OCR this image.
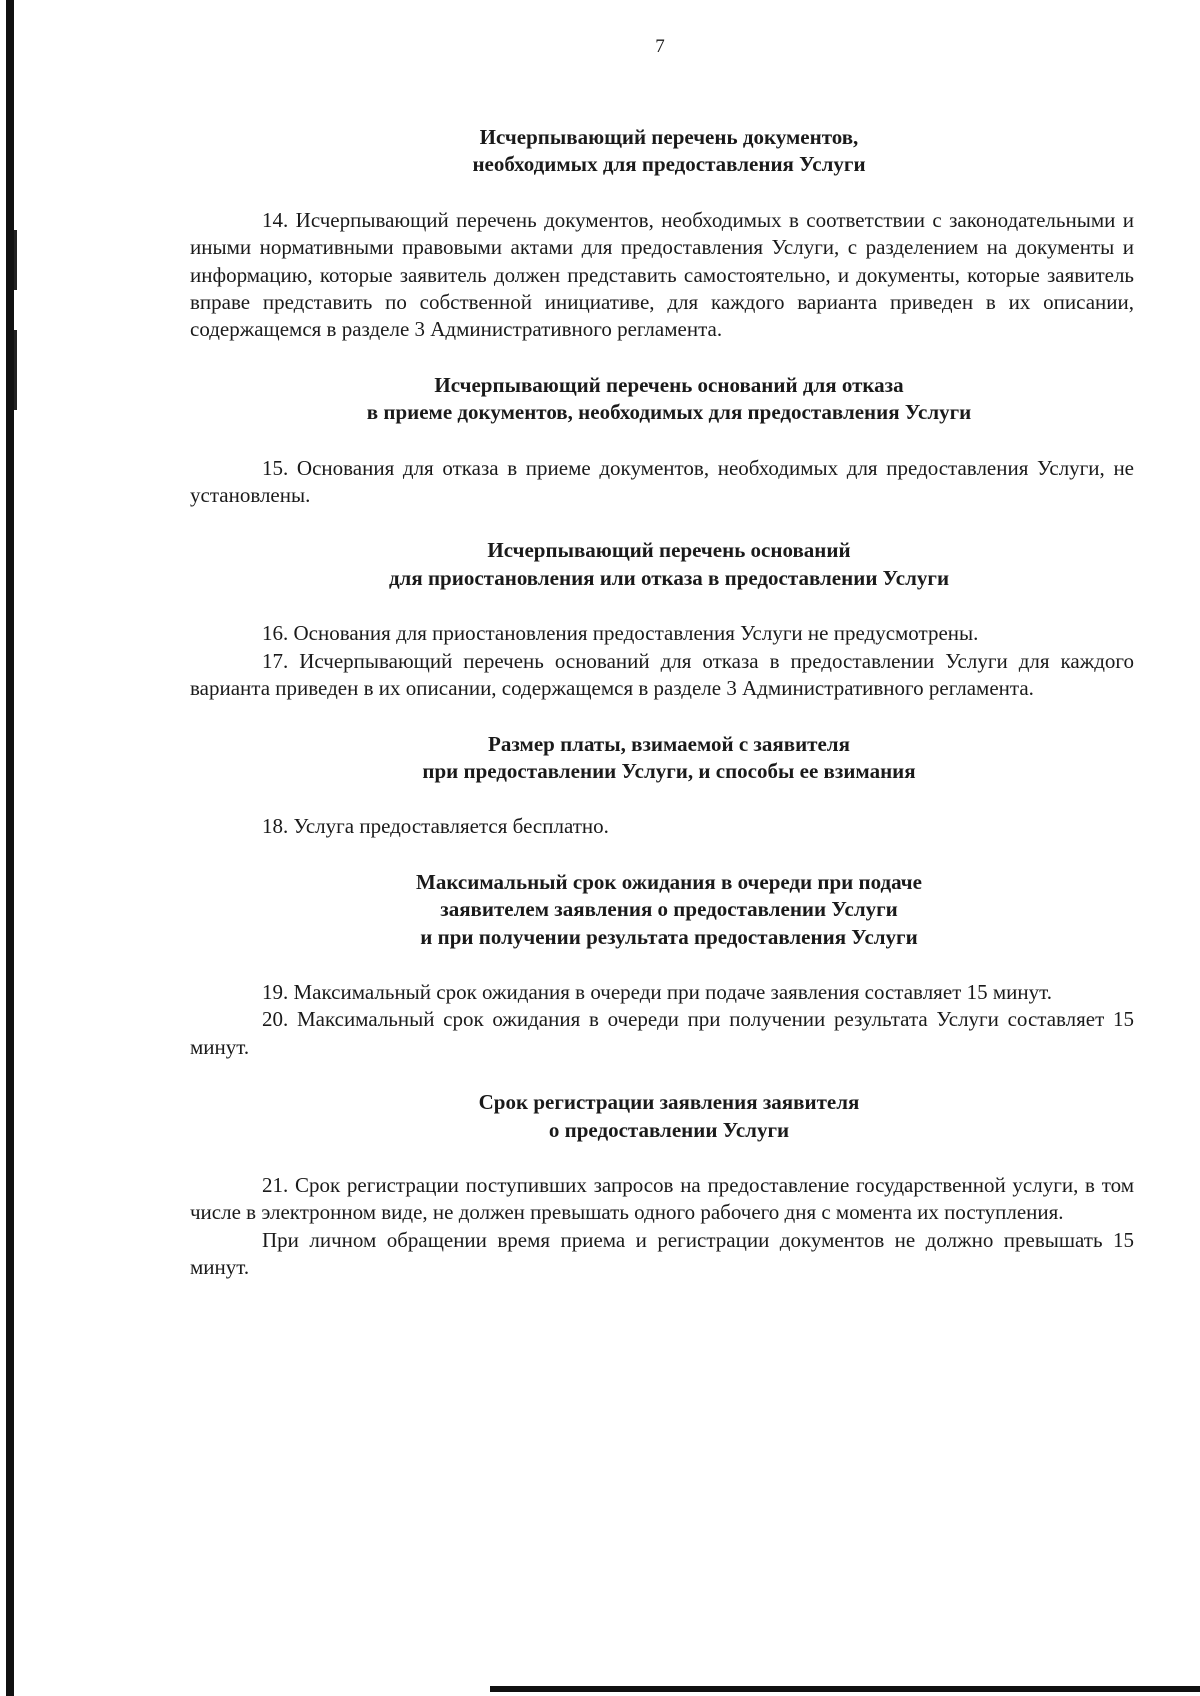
7
Исчерпывающий перечень документов,
необходимых для предоставления Услуги

14. Исчерпывающий перечень документов, необходимых в соответствии с законодательными и иными нормативными правовыми актами для предоставления Услуги, с разделением на документы и информацию, которые заявитель должен представить самостоятельно, и документы, которые заявитель вправе представить по собственной инициативе, для каждого варианта приведен в их описании, содержащемся в разделе 3 Административного регламента.

Исчерпывающий перечень оснований для отказа
в приеме документов, необходимых для предоставления Услуги

15. Основания для отказа в приеме документов, необходимых для предоставления Услуги, не установлены.

Исчерпывающий перечень оснований
для приостановления или отказа в предоставлении Услуги

16. Основания для приостановления предоставления Услуги не предусмотрены.

17. Исчерпывающий перечень оснований для отказа в предоставлении Услуги для каждого варианта приведен в их описании, содержащемся в разделе 3 Административного регламента.

Размер платы, взимаемой с заявителя
при предоставлении Услуги, и способы ее взимания

18. Услуга предоставляется бесплатно.

Максимальный срок ожидания в очереди при подаче
заявителем заявления о предоставлении Услуги
и при получении результата предоставления Услуги

19. Максимальный срок ожидания в очереди при подаче заявления составляет 15 минут.

20. Максимальный срок ожидания в очереди при получении результата Услуги составляет 15 минут.

Срок регистрации заявления заявителя
о предоставлении Услуги

21. Срок регистрации поступивших запросов на предоставление государственной услуги, в том числе в электронном виде, не должен превышать одного рабочего дня с момента их поступления.

При личном обращении время приема и регистрации документов не должно превышать 15 минут.
